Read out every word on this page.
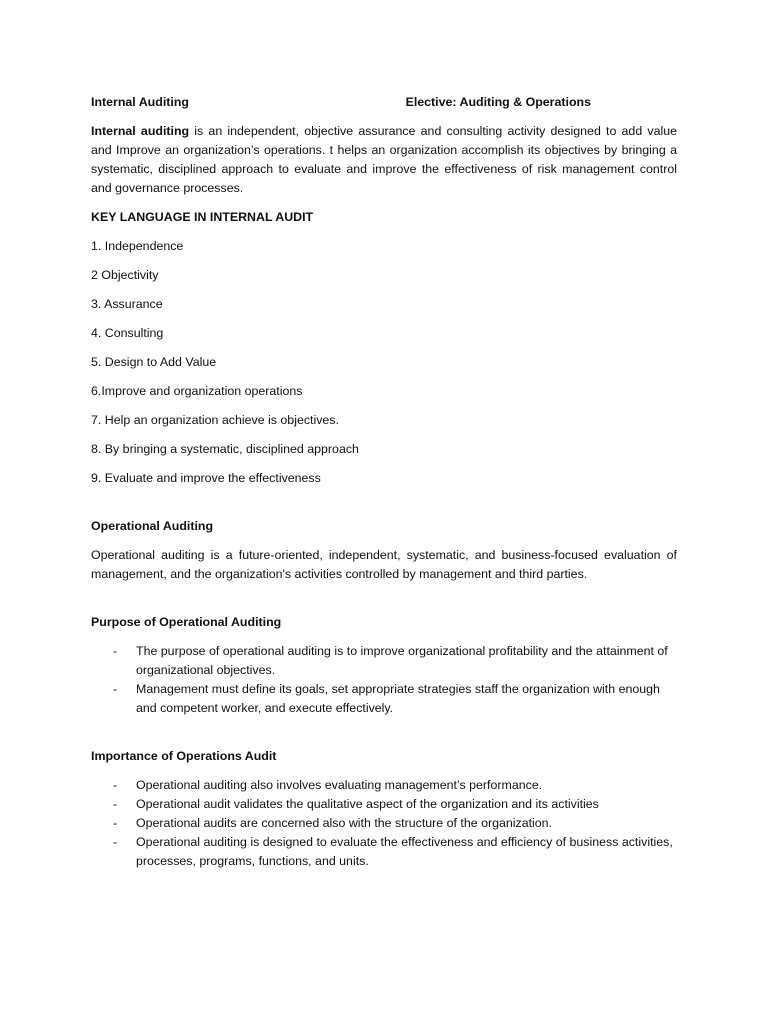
Internal Auditing	Elective: Auditing & Operations

Internal auditing is an independent, objective assurance and consulting activity designed to add value and Improve an organization’s operations. t helps an organization accomplish its objectives by bringing a systematic, disciplined approach to evaluate and improve the effectiveness of risk management control and governance processes.

KEY LANGUAGE IN INTERNAL AUDIT

1. Independence
2 Objectivity
3. Assurance
4. Consulting
5. Design to Add Value
6.Improve and organization operations
7. Help an organization achieve is objectives.
8. By bringing a systematic, disciplined approach
9. Evaluate and improve the effectiveness

Operational Auditing

Operational auditing is a future-oriented, independent, systematic, and business-focused evaluation of management, and the organization's activities controlled by management and third parties.

Purpose of Operational Auditing

- The purpose of operational auditing is to improve organizational profitability and the attainment of organizational objectives.
- Management must define its goals, set appropriate strategies staff the organization with enough and competent worker, and execute effectively.

Importance of Operations Audit

- Operational auditing also involves evaluating management’s performance.
- Operational audit validates the qualitative aspect of the organization and its activities
- Operational audits are concerned also with the structure of the organization.
- Operational auditing is designed to evaluate the effectiveness and efficiency of business activities, processes, programs, functions, and units.
